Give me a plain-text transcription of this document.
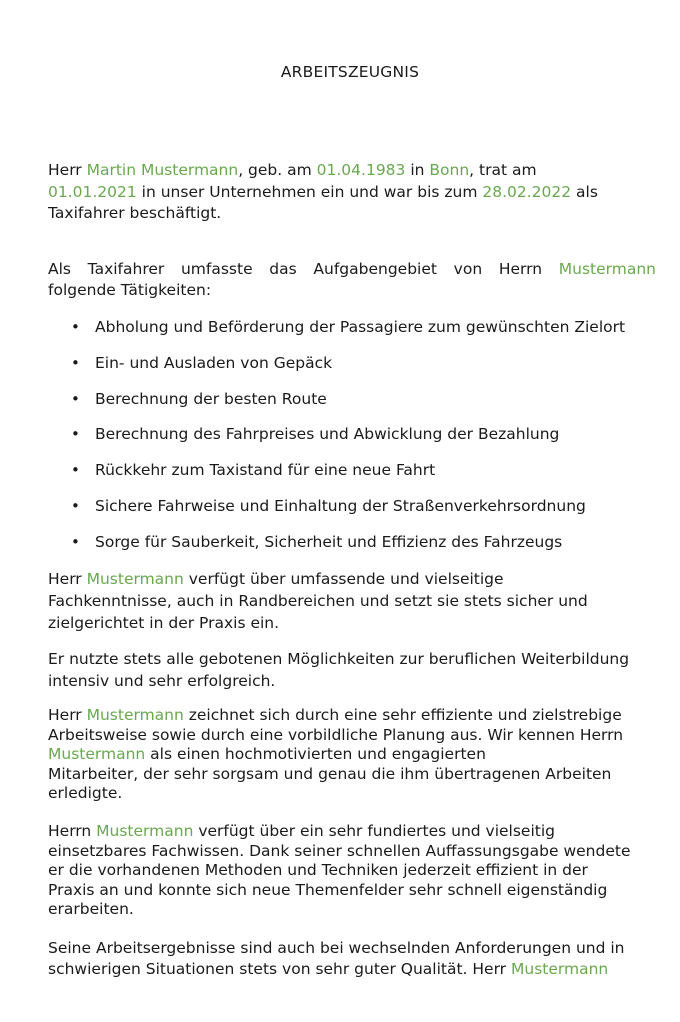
ARBEITSZEUGNIS
Herr Martin Mustermann, geb. am 01.04.1983 in Bonn, trat am
01.01.2021 in unser Unternehmen ein und war bis zum 28.02.2022 als
Taxifahrer beschäftigt.
Als Taxifahrer umfasste das Aufgabengebiet von Herrn Mustermann
folgende Tätigkeiten:
• Abholung und Beförderung der Passagiere zum gewünschten Zielort
• Ein- und Ausladen von Gepäck
• Berechnung der besten Route
• Berechnung des Fahrpreises und Abwicklung der Bezahlung
• Rückkehr zum Taxistand für eine neue Fahrt
• Sichere Fahrweise und Einhaltung der Straßenverkehrsordnung
• Sorge für Sauberkeit, Sicherheit und Effizienz des Fahrzeugs
Herr Mustermann verfügt über umfassende und vielseitige
Fachkenntnisse, auch in Randbereichen und setzt sie stets sicher und
zielgerichtet in der Praxis ein.
Er nutzte stets alle gebotenen Möglichkeiten zur beruflichen Weiterbildung
intensiv und sehr erfolgreich.
Herr Mustermann zeichnet sich durch eine sehr effiziente und zielstrebige
Arbeitsweise sowie durch eine vorbildliche Planung aus. Wir kennen Herrn
Mustermann als einen hochmotivierten und engagierten
Mitarbeiter, der sehr sorgsam und genau die ihm übertragenen Arbeiten
erledigte.
Herrn Mustermann verfügt über ein sehr fundiertes und vielseitig
einsetzbares Fachwissen. Dank seiner schnellen Auffassungsgabe wendete
er die vorhandenen Methoden und Techniken jederzeit effizient in der
Praxis an und konnte sich neue Themenfelder sehr schnell eigenständig
erarbeiten.
Seine Arbeitsergebnisse sind auch bei wechselnden Anforderungen und in
schwierigen Situationen stets von sehr guter Qualität. Herr Mustermann
